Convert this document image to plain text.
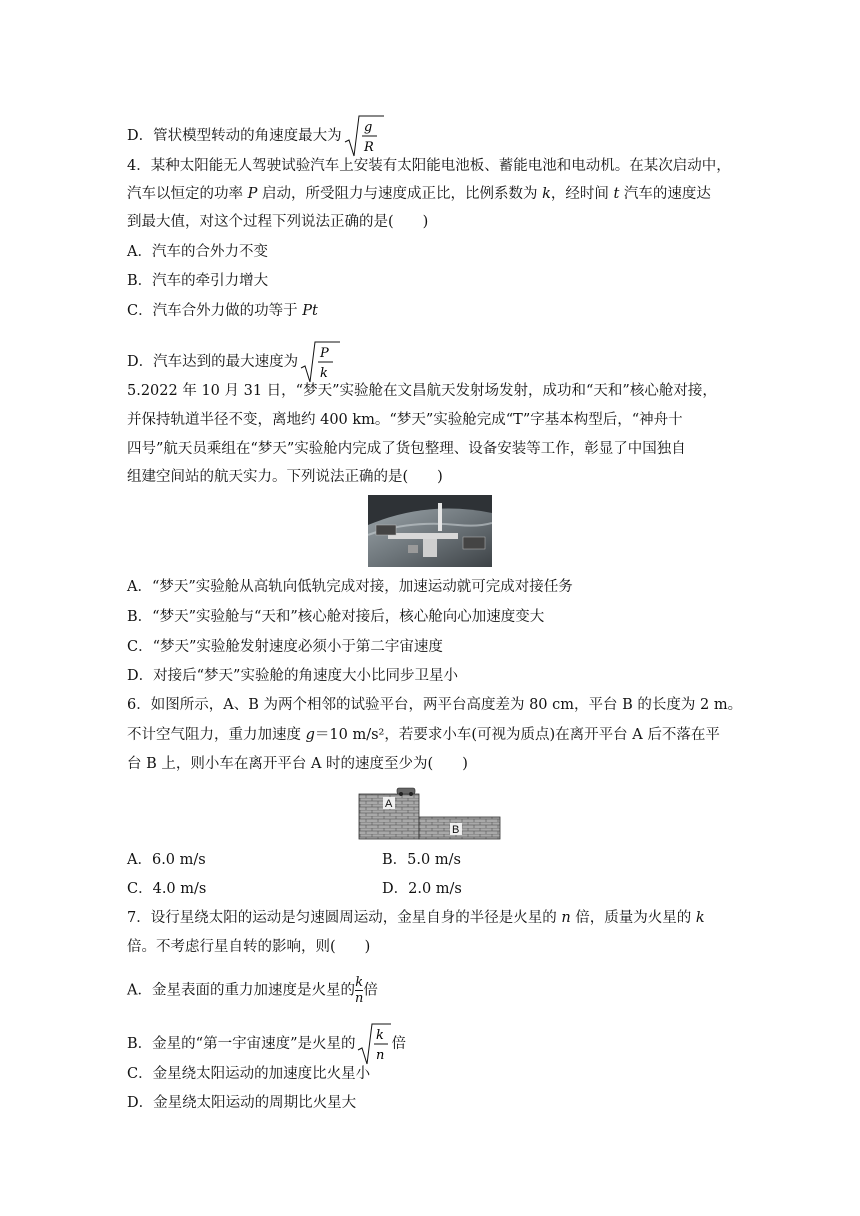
D．管状模型转动的角速度最大为
g
R
4．某种太阳能无人驾驶试验汽车上安装有太阳能电池板、蓄能电池和电动机。在某次启动中，
汽车以恒定的功率 P 启动，所受阻力与速度成正比，比例系数为 k，经时间 t 汽车的速度达
到最大值，对这个过程下列说法正确的是(　　)
A．汽车的合外力不变
B．汽车的牵引力增大
C．汽车合外力做的功等于 Pt
D．汽车达到的最大速度为
P
k
5.2022 年 10 月 31 日，“梦天”实验舱在文昌航天发射场发射，成功和“天和”核心舱对接，
并保持轨道半径不变，离地约 400 km。“梦天”实验舱完成“T”字基本构型后，“神舟十
四号”航天员乘组在“梦天”实验舱内完成了货包整理、设备安装等工作，彰显了中国独自
组建空间站的航天实力。下列说法正确的是(　　)
A．“梦天”实验舱从高轨向低轨完成对接，加速运动就可完成对接任务
B．“梦天”实验舱与“天和”核心舱对接后，核心舱向心加速度变大
C．“梦天”实验舱发射速度必须小于第二宇宙速度
D．对接后“梦天”实验舱的角速度大小比同步卫星小
6．如图所示，A、B 为两个相邻的试验平台，两平台高度差为 80 cm，平台 B 的长度为 2 m。
不计空气阻力，重力加速度 g＝10 m/s²，若要求小车(可视为质点)在离开平台 A 后不落在平
台 B 上，则小车在离开平台 A 时的速度至少为(　　)
A
B
A．6.0 m/s	B．5.0 m/s
C．4.0 m/s	D．2.0 m/s
7．设行星绕太阳的运动是匀速圆周运动，金星自身的半径是火星的 n 倍，质量为火星的 k
倍。不考虑行星自转的影响，则(　　)
A．金星表面的重力加速度是火星的 $\frac{k}{n}$ 倍
B．金星的“第一宇宙速度”是火星的
k
n
倍
C．金星绕太阳运动的加速度比火星小
D．金星绕太阳运动的周期比火星大
